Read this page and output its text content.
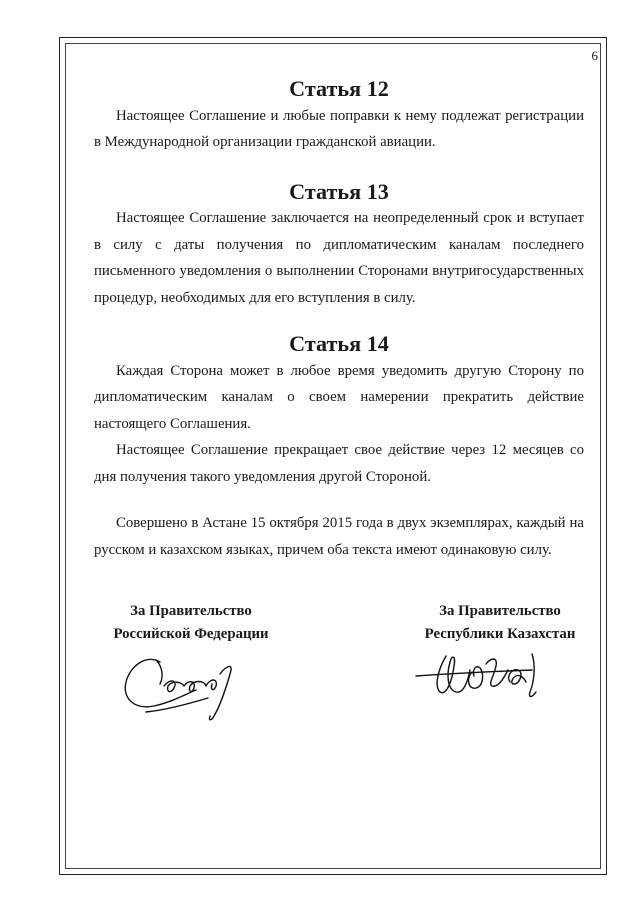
6
Статья 12

Настоящее Соглашение и любые поправки к нему подлежат регистрации в Международной организации гражданской авиации.

Статья 13

Настоящее Соглашение заключается на неопределенный срок и вступает в силу с даты получения по дипломатическим каналам последнего письменного уведомления о выполнении Сторонами внутригосударственных процедур, необходимых для его вступления в силу.

Статья 14

Каждая Сторона может в любое время уведомить другую Сторону по дипломатическим каналам о своем намерении прекратить действие настоящего Соглашения.

Настоящее Соглашение прекращает свое действие через 12 месяцев со дня получения такого уведомления другой Стороной.

Совершено в Астане 15 октября 2015 года в двух экземплярах, каждый на русском и казахском языках, причем оба текста имеют одинаковую силу.

За Правительство
Российской Федерации
За Правительство
Республики Казахстан
